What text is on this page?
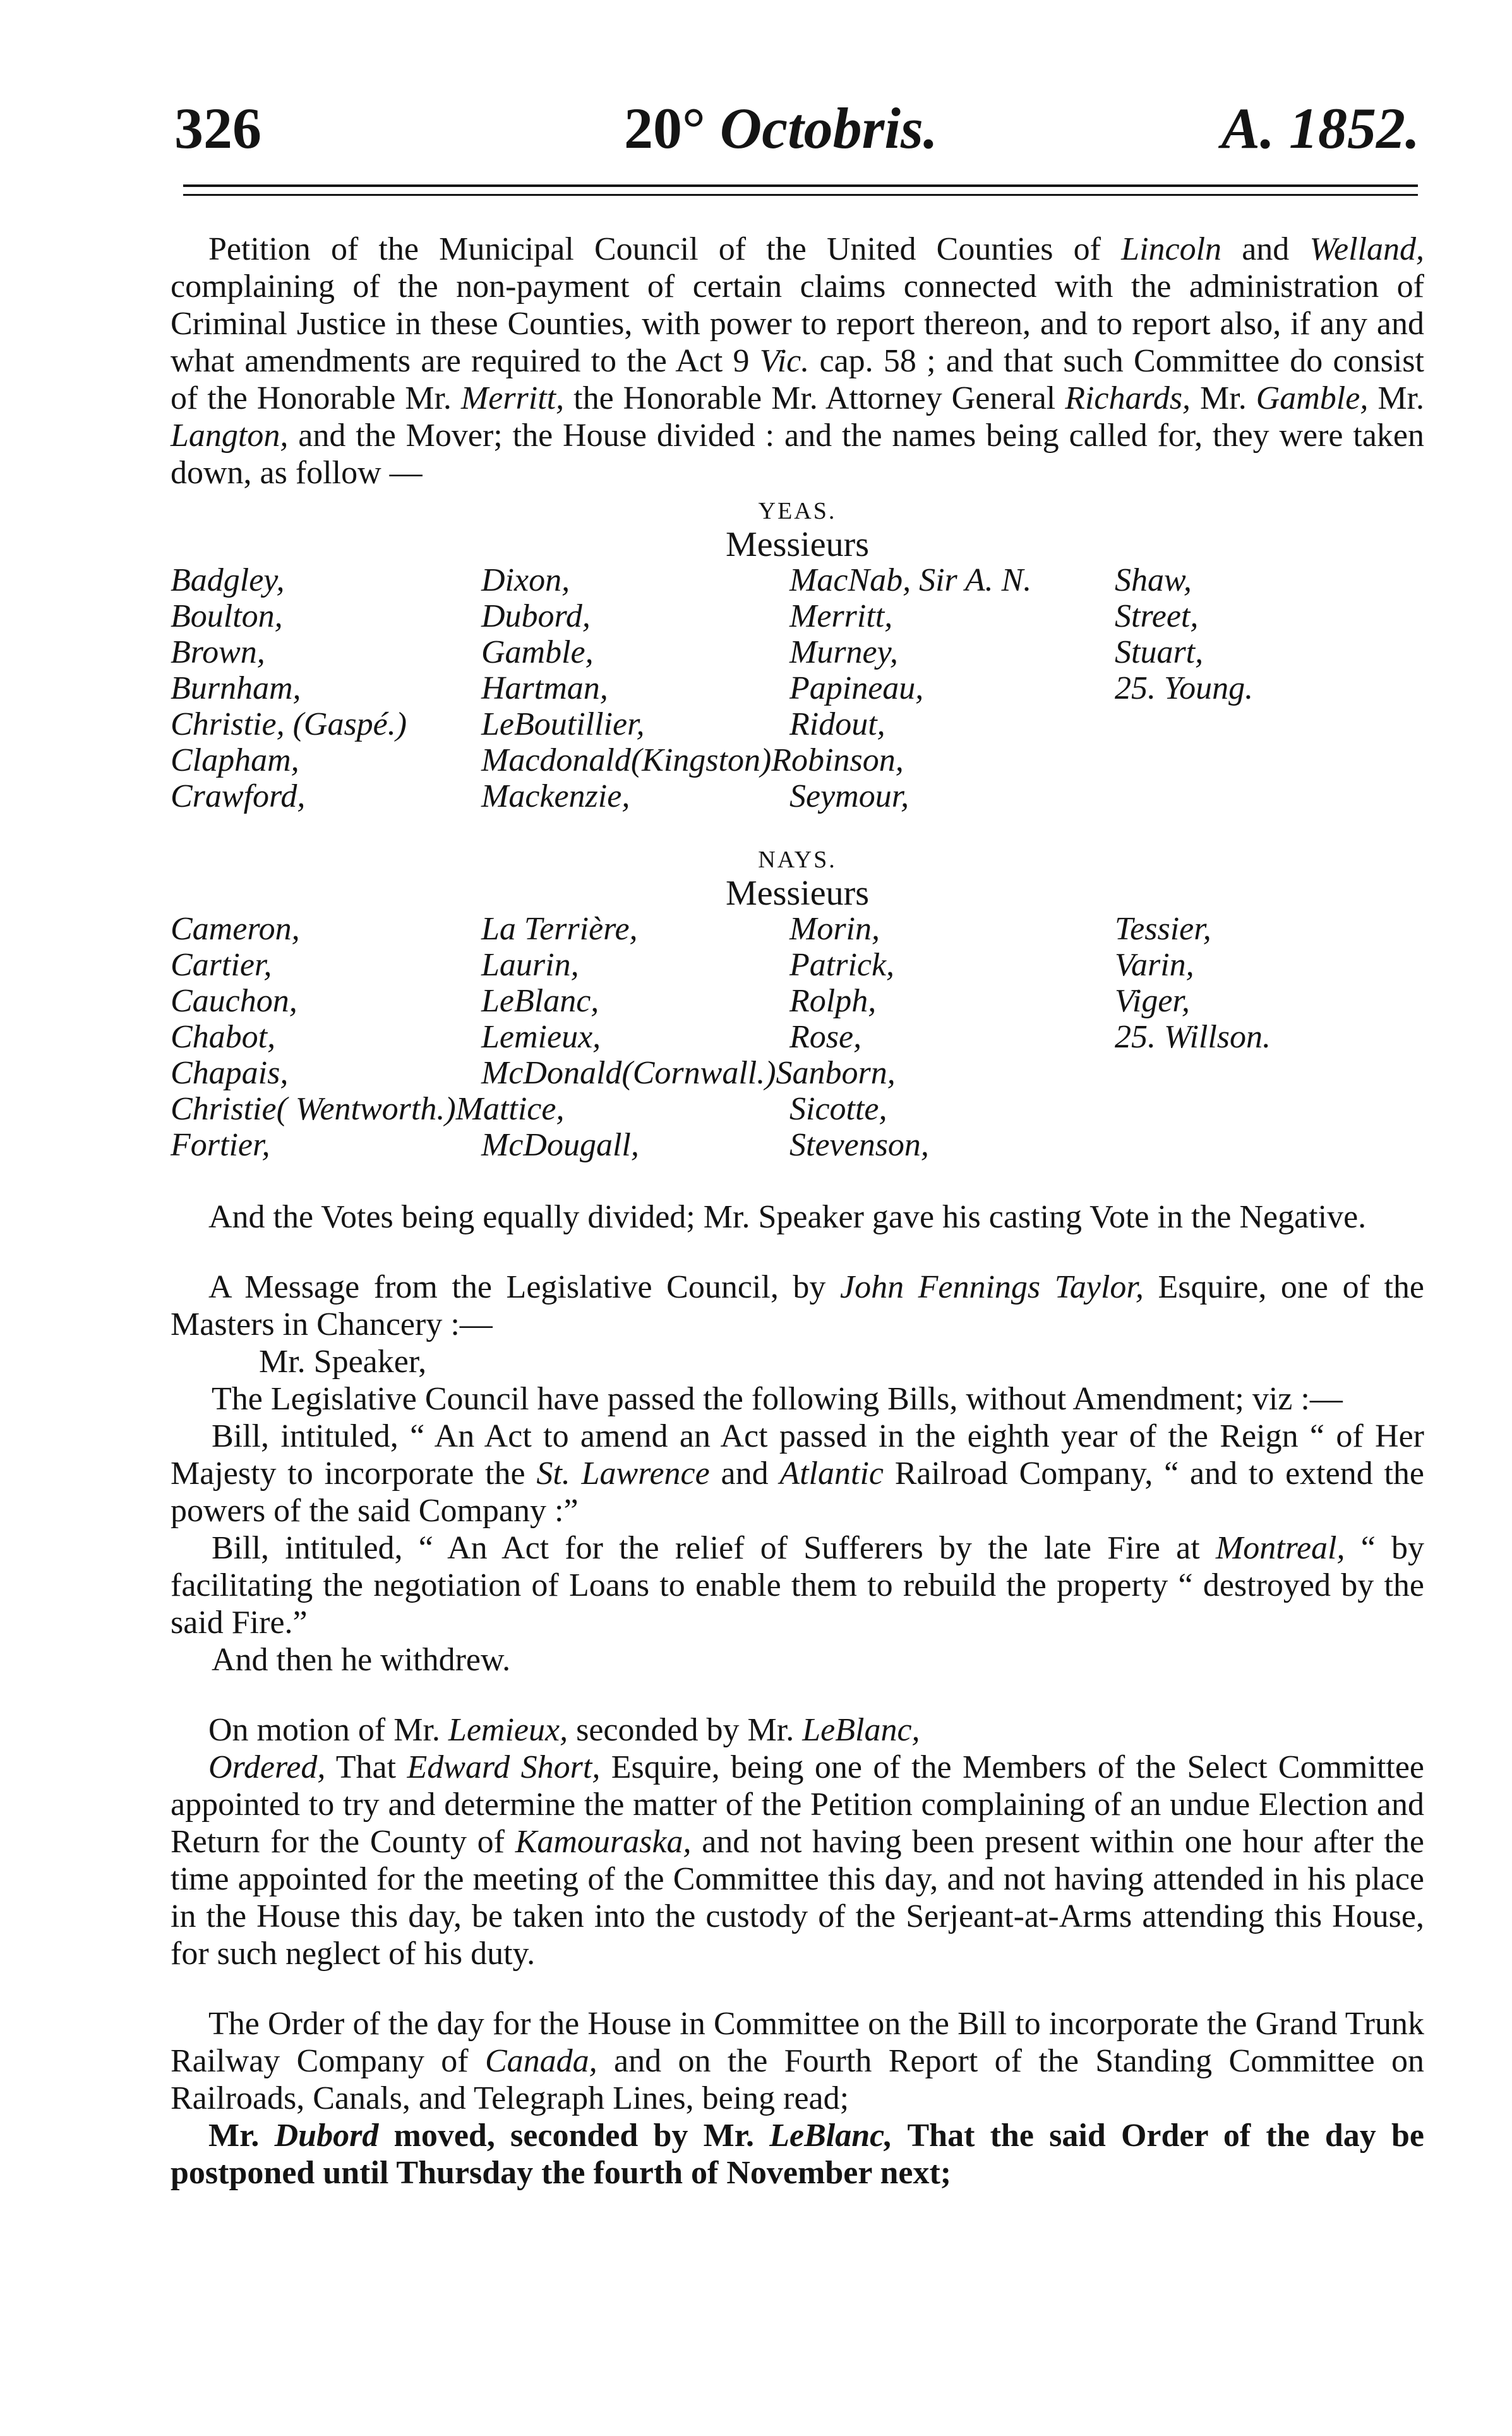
326	20° Octobris.	A. 1852.

Petition of the Municipal Council of the United Counties of Lincoln and Welland, complaining of the non-payment of certain claims connected with the administration of Criminal Justice in these Counties, with power to report thereon, and to report also, if any and what amendments are required to the Act 9 Vic. cap. 58 ; and that such Committee do consist of the Honorable Mr. Merritt, the Honorable Mr. Attorney General Richards, Mr. Gamble, Mr. Langton, and the Mover; the House divided : and the names being called for, they were taken down, as follow —

YEAS.
Messieurs
Badgley,
Boulton,
Brown,
Burnham,
Christie, (Gaspé.)
Clapham,
Crawford,
Dixon,
Dubord,
Gamble,
Hartman,
LeBoutillier,
Macdonald(Kingston)Robinson,
Mackenzie,
MacNab, Sir A. N.
Merritt,
Murney,
Papineau,
Ridout,
Seymour,
Shaw,
Street,
Stuart,
25. Young.
NAYS.
Messieurs
Cameron,
Cartier,
Cauchon,
Chabot,
Chapais,
Christie( Wentworth.)Mattice,
Fortier,
La Terrière,
Laurin,
LeBlanc,
Lemieux,
McDonald(Cornwall.)Sanborn,
McDougall,
Morin,
Patrick,
Rolph,
Rose,
Sicotte,
Stevenson,
Tessier,
Varin,
Viger,
25. Willson.

And the Votes being equally divided; Mr. Speaker gave his casting Vote in the Negative.

A Message from the Legislative Council, by John Fennings Taylor, Esquire, one of the Masters in Chancery :—

Mr. Speaker,

The Legislative Council have passed the following Bills, without Amendment; viz :—

Bill, intituled, “ An Act to amend an Act passed in the eighth year of the Reign “ of Her Majesty to incorporate the St. Lawrence and Atlantic Railroad Company, “ and to extend the powers of the said Company :”

Bill, intituled, “ An Act for the relief of Sufferers by the late Fire at Montreal, “ by facilitating the negotiation of Loans to enable them to rebuild the property “ destroyed by the said Fire.”

And then he withdrew.

On motion of Mr. Lemieux, seconded by Mr. LeBlanc,

Ordered, That Edward Short, Esquire, being one of the Members of the Select Committee appointed to try and determine the matter of the Petition complaining of an undue Election and Return for the County of Kamouraska, and not having been present within one hour after the time appointed for the meeting of the Committee this day, and not having attended in his place in the House this day, be taken into the custody of the Serjeant-at-Arms attending this House, for such neglect of his duty.

The Order of the day for the House in Committee on the Bill to incorporate the Grand Trunk Railway Company of Canada, and on the Fourth Report of the Standing Committee on Railroads, Canals, and Telegraph Lines, being read;

Mr. Dubord moved, seconded by Mr. LeBlanc, That the said Order of the day be postponed until Thursday the fourth of November next;
